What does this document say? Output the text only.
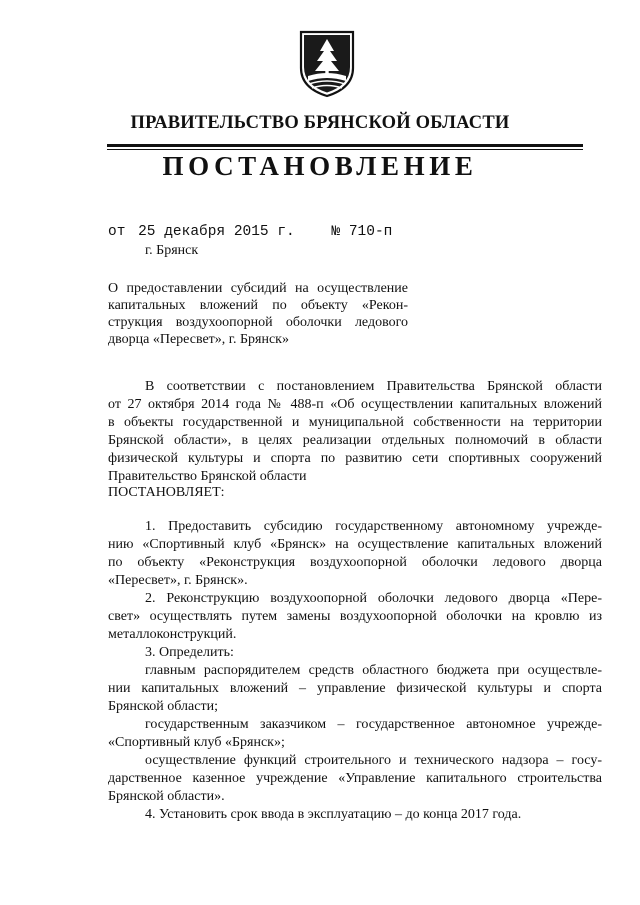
ПРАВИТЕЛЬСТВО БРЯНСКОЙ ОБЛАСТИ
ПОСТАНОВЛЕНИЕ
от 25 декабря 2015 г.	№ 710-п
г. Брянск
О предоставлении субсидий на осуществление
капитальных вложений по объекту «Рекон-
струкция воздухоопорной оболочки ледового
дворца «Пересвет», г. Брянск»
В соответствии с постановлением Правительства Брянской области
от 27 октября 2014 года № 488-п «Об осуществлении капитальных вложений
в объекты государственной и муниципальной собственности на территории
Брянской области», в целях реализации отдельных полномочий в области
физической культуры и спорта по развитию сети спортивных сооружений
Правительство Брянской области
ПОСТАНОВЛЯЕТ:
1. Предоставить субсидию государственному автономному учрежде-
нию «Спортивный клуб «Брянск» на осуществление капитальных вложений
по объекту «Реконструкция воздухоопорной оболочки ледового дворца
«Пересвет», г. Брянск».
2. Реконструкцию воздухоопорной оболочки ледового дворца «Пере-
свет» осуществлять путем замены воздухоопорной оболочки на кровлю из
металлоконструкций.
3. Определить:
главным распорядителем средств областного бюджета при осуществле-
нии капитальных вложений – управление физической культуры и спорта
Брянской области;
государственным заказчиком – государственное автономное учрежде-
«Спортивный клуб «Брянск»;
осуществление функций строительного и технического надзора – госу-
дарственное казенное учреждение «Управление капитального строительства
Брянской области».
4. Установить срок ввода в эксплуатацию – до конца 2017 года.
